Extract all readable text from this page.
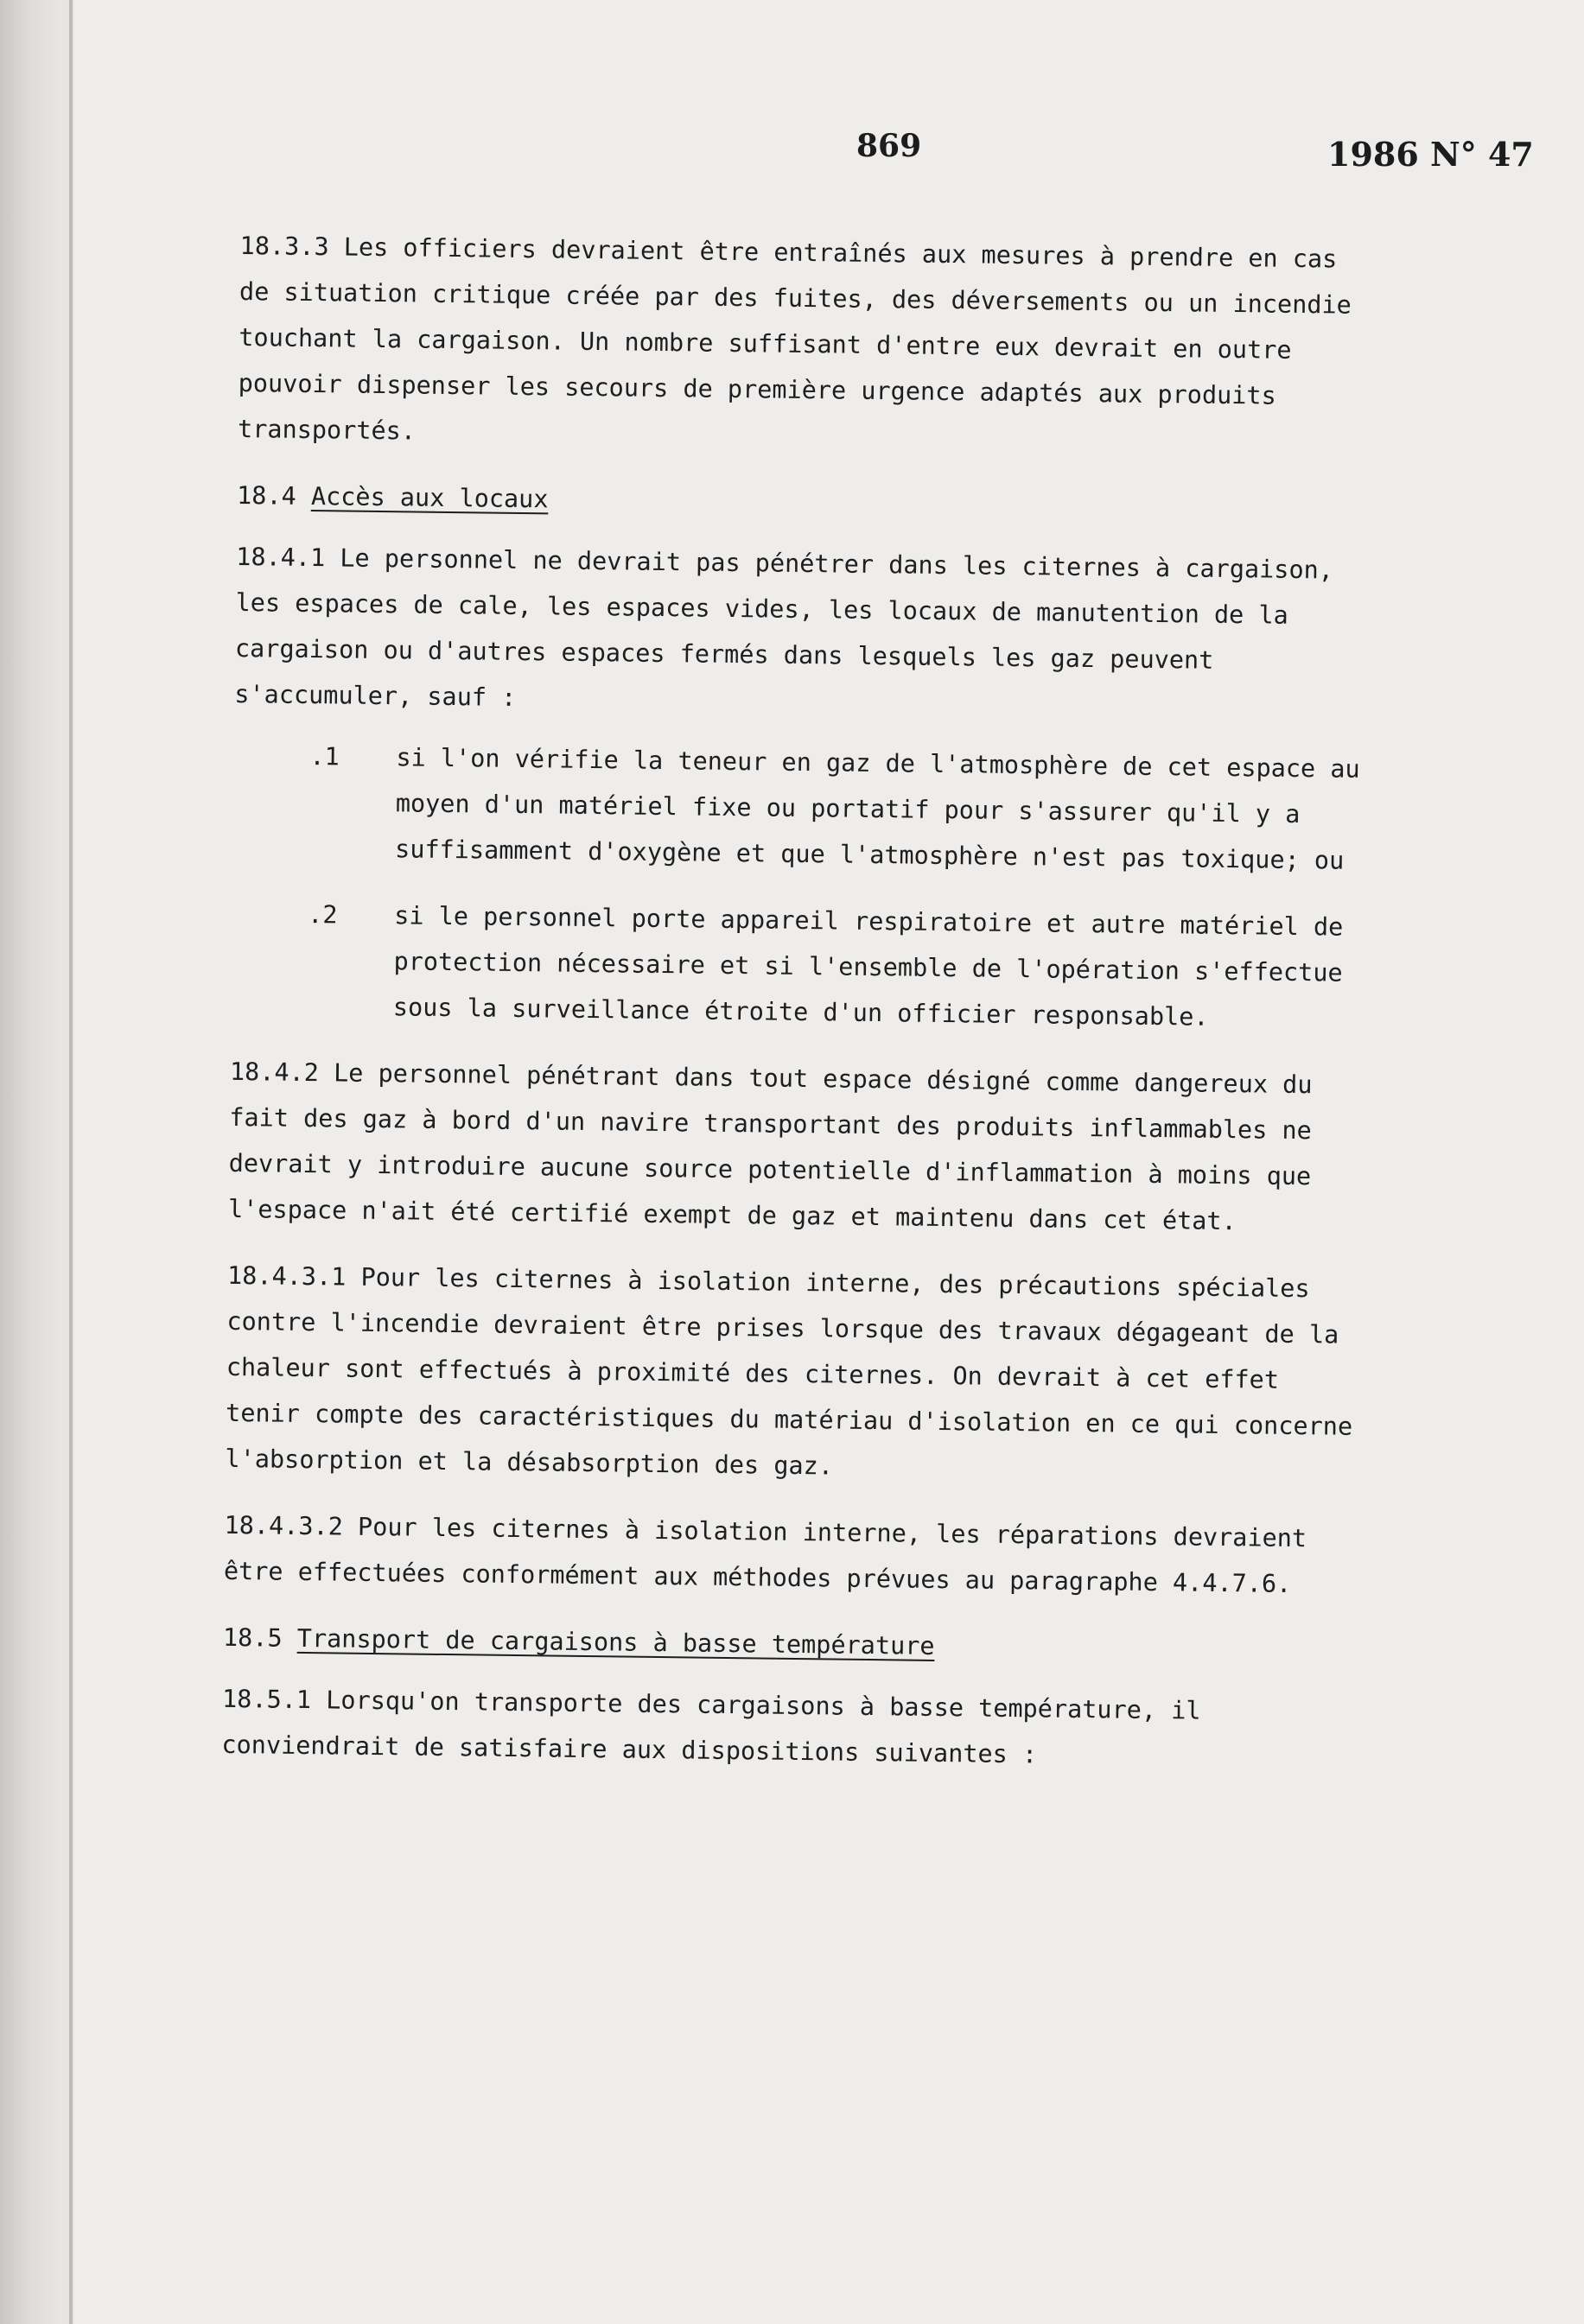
869	1986 N° 47

18.3.3 Les officiers devraient être entraînés aux mesures à prendre en cas de situation critique créée par des fuites, des déversements ou un incendie touchant la cargaison. Un nombre suffisant d'entre eux devrait en outre pouvoir dispenser les secours de première urgence adaptés aux produits transportés.

18.4 Accès aux locaux

18.4.1 Le personnel ne devrait pas pénétrer dans les citernes à cargaison, les espaces de cale, les espaces vides, les locaux de manutention de la cargaison ou d'autres espaces fermés dans lesquels les gaz peuvent s'accumuler, sauf :

.1	si l'on vérifie la teneur en gaz de l'atmosphère de cet espace au moyen d'un matériel fixe ou portatif pour s'assurer qu'il y a suffisamment d'oxygène et que l'atmosphère n'est pas toxique; ou
.2	si le personnel porte appareil respiratoire et autre matériel de protection nécessaire et si l'ensemble de l'opération s'effectue sous la surveillance étroite d'un officier responsable.

18.4.2 Le personnel pénétrant dans tout espace désigné comme dangereux du fait des gaz à bord d'un navire transportant des produits inflammables ne devrait y introduire aucune source potentielle d'inflammation à moins que l'espace n'ait été certifié exempt de gaz et maintenu dans cet état.

18.4.3.1 Pour les citernes à isolation interne, des précautions spéciales contre l'incendie devraient être prises lorsque des travaux dégageant de la chaleur sont effectués à proximité des citernes. On devrait à cet effet tenir compte des caractéristiques du matériau d'isolation en ce qui concerne l'absorption et la désabsorption des gaz.

18.4.3.2 Pour les citernes à isolation interne, les réparations devraient être effectuées conformément aux méthodes prévues au paragraphe 4.4.7.6.

18.5 Transport de cargaisons à basse température

18.5.1 Lorsqu'on transporte des cargaisons à basse température, il conviendrait de satisfaire aux dispositions suivantes :
